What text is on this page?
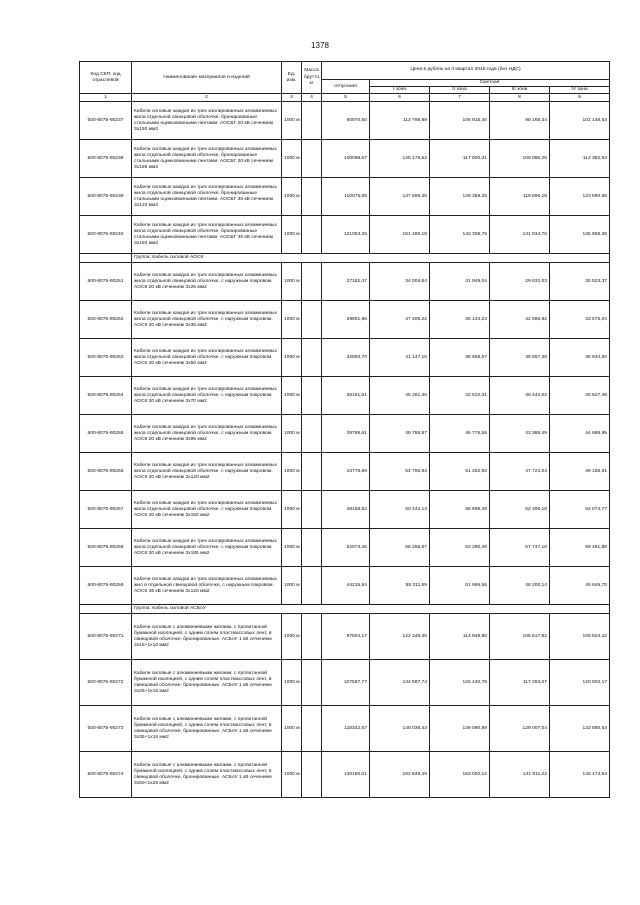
1378
Код СКП, код отраслевой	Наименование материалов и изделий	Ед. изм.	Масса брутто, кг	Цена в рублях на II квартал 2016 года (без НДС)				
				отпускная	Сметная			
					I зона	II зона	III зона	IV зона
1	2	3	4	5	6	7	8	9
500-8075-90237	Кабели силовые каждая из трех изолированных алюминиевых жила отдельной свинцовой оболочке, бронированные стальными оцинкованными лентами. АОСБГ 20 кВ сечением 3х150 мм2	1000 м		90970,50	113 798,89	106 915,40	98 168,34	102 148,54
500-8075-90238	Кабели силовые каждая из трех изолированных алюминиевых жила отдельной свинцовой оболочке, бронированные стальными оцинкованными лентами. АОСБГ 20 кВ сечением 3х185 мм2	1000 м		100098,57	125 176,52	117 600,31	109 086,26	112 382,63
500-8075-90239	Кабели силовые каждая из трех изолированных алюминиевых жила отдельной свинцовой оболочке, бронированные стальными оцинкованными лентами. АОСБГ 35 кВ сечением 3х120 мм2	1000 м		110075,08	137 699,35	129 369,25	119 896,18	123 590,68
500-8075-90240	Кабели силовые каждая из трех изолированных алюминиевых жила отдельной свинцовой оболочке, бронированные стальными оцинкованными лентами. АОСБГ 35 кВ сечением 3х150 мм2	1000 м		121053,25	151 486,18	142 306,75	131 934,70	135 959,38
	Группа: Кабель силовой АОСК							
500-8075-90251	Кабели силовые каждая из трех изолированных алюминиевых жила отдельной свинцовой оболочке, с наружным покровом. АОСК 20 кВ сечением 3х25 мм2	1000 м		27182,47	34 004,84	31 949,04	29 632,03	30 523,37
500-8075-90252	Кабели силовые каждая из трех изолированных алюминиевых жила отдельной свинцовой оболочке, с наружным покровом. АОСК 20 кВ сечением 3х35 мм2	1000 м		29901,98	37 405,22	35 144,23	32 596,82	33 575,04
500-8075-90253	Кабели силовые каждая из трех изолированных алюминиевых жила отдельной свинцовой оболочке, с наружным покровом. АОСК 20 кВ сечением 3х50 мм2	1000 м		32893,70	41 147,15	38 658,67	35 857,38	36 934,82
500-8075-90254	Кабели силовые каждая из трех изолированных алюминиевых жила отдельной свинцовой оболочке, с наружным покровом. АОСК 20 кВ сечением 3х70 мм2	1000 м		36181,51	45 261,35	42 522,31	39 442,02	40 627,49
500-8075-90255	Кабели силовые каждая из трех изолированных алюминиевых жила отдельной свинцовой оболочке, с наружным покровом. АОСК 20 кВ сечением 3х95 мм2	1000 м		39799,61	49 786,87	46 776,58	43 386,49	44 688,95
500-8075-90256	Кабели силовые каждая из трех изолированных алюминиевых жила отдельной свинцовой оболочке, с наружным покровом. АОСК 20 кВ сечением 3х120 мм2	1000 м		43778,89	54 765,93	51 452,92	47 724,04	49 156,61
500-8075-90257	Кабели силовые каждая из трех изолированных алюминиевых жила отдельной свинцовой оболочке, с наружным покровом. АОСК 20 кВ сечением 3х150 мм2	1000 м		48158,52	60 243,14	56 598,49	52 496,16	54 074,77
500-8075-90258	Кабели силовые каждая из трех изолированных алюминиевых жила отдельной свинцовой оболочке, с наружным покровом. АОСК 20 кВ сечением 3х185 мм2	1000 м		52973,45	66 265,67	62 260,49	57 747,16	59 481,89
500-8075-90259	Кабели силовые каждая из трех изолированных алюминиевых жил в отдельной свинцовой оболочке, с наружным покровом. АОСК 35 кВ сечением 3х120 мм2	1000 м		44215,84	55 311,69	51 966,56	48 200,14	49 649,70
	Группа: Кабель силовой АСБлУ							
500-8075-90271	Кабели силовые с алюминиевыми жилами, с пропитанной бумажной изоляцией, с одним слоем пластмассовых лент, в свинцовой оболочке, бронированные. АСБлУ 1 кВ сечением 3х16+1х10 мм2	1000 м		97804,17	122 348,35	114 949,80	106 617,82	109 824,22
500-8075-90272	Кабели силовые с алюминиевыми жилами, с пропитанной бумажной изоляцией, с одним слоем пластмассовых лент, в свинцовой оболочке, бронированные. АСБлУ 1 кВ сечением 3х25+1х16 мм2	1000 м		107587,77	134 587,74	126 440,78	117 283,07	120 802,17
500-8075-90273	Кабели силовые с алюминиевыми жилами, с пропитанной бумажной изоляцией, с одним слоем пластмассовых лент, в свинцовой оболочке, бронированные. АСБлУ 1 кВ сечением 3х35+1х16 мм2	1000 м		118342,57	148 036,43	139 090,89	129 007,04	132 880,54
500-8075-90274	Кабели силовые с алюминиевыми жилами, с пропитанной бумажной изоляцией, с одним слоем пластмассовых лент, в свинцовой оболочке, бронированные. АСБлУ 1 кВ сечением 3х50+1х25 мм2	1000 м		130180,01	162 849,49	153 002,12	141 911,22	146 173,54
